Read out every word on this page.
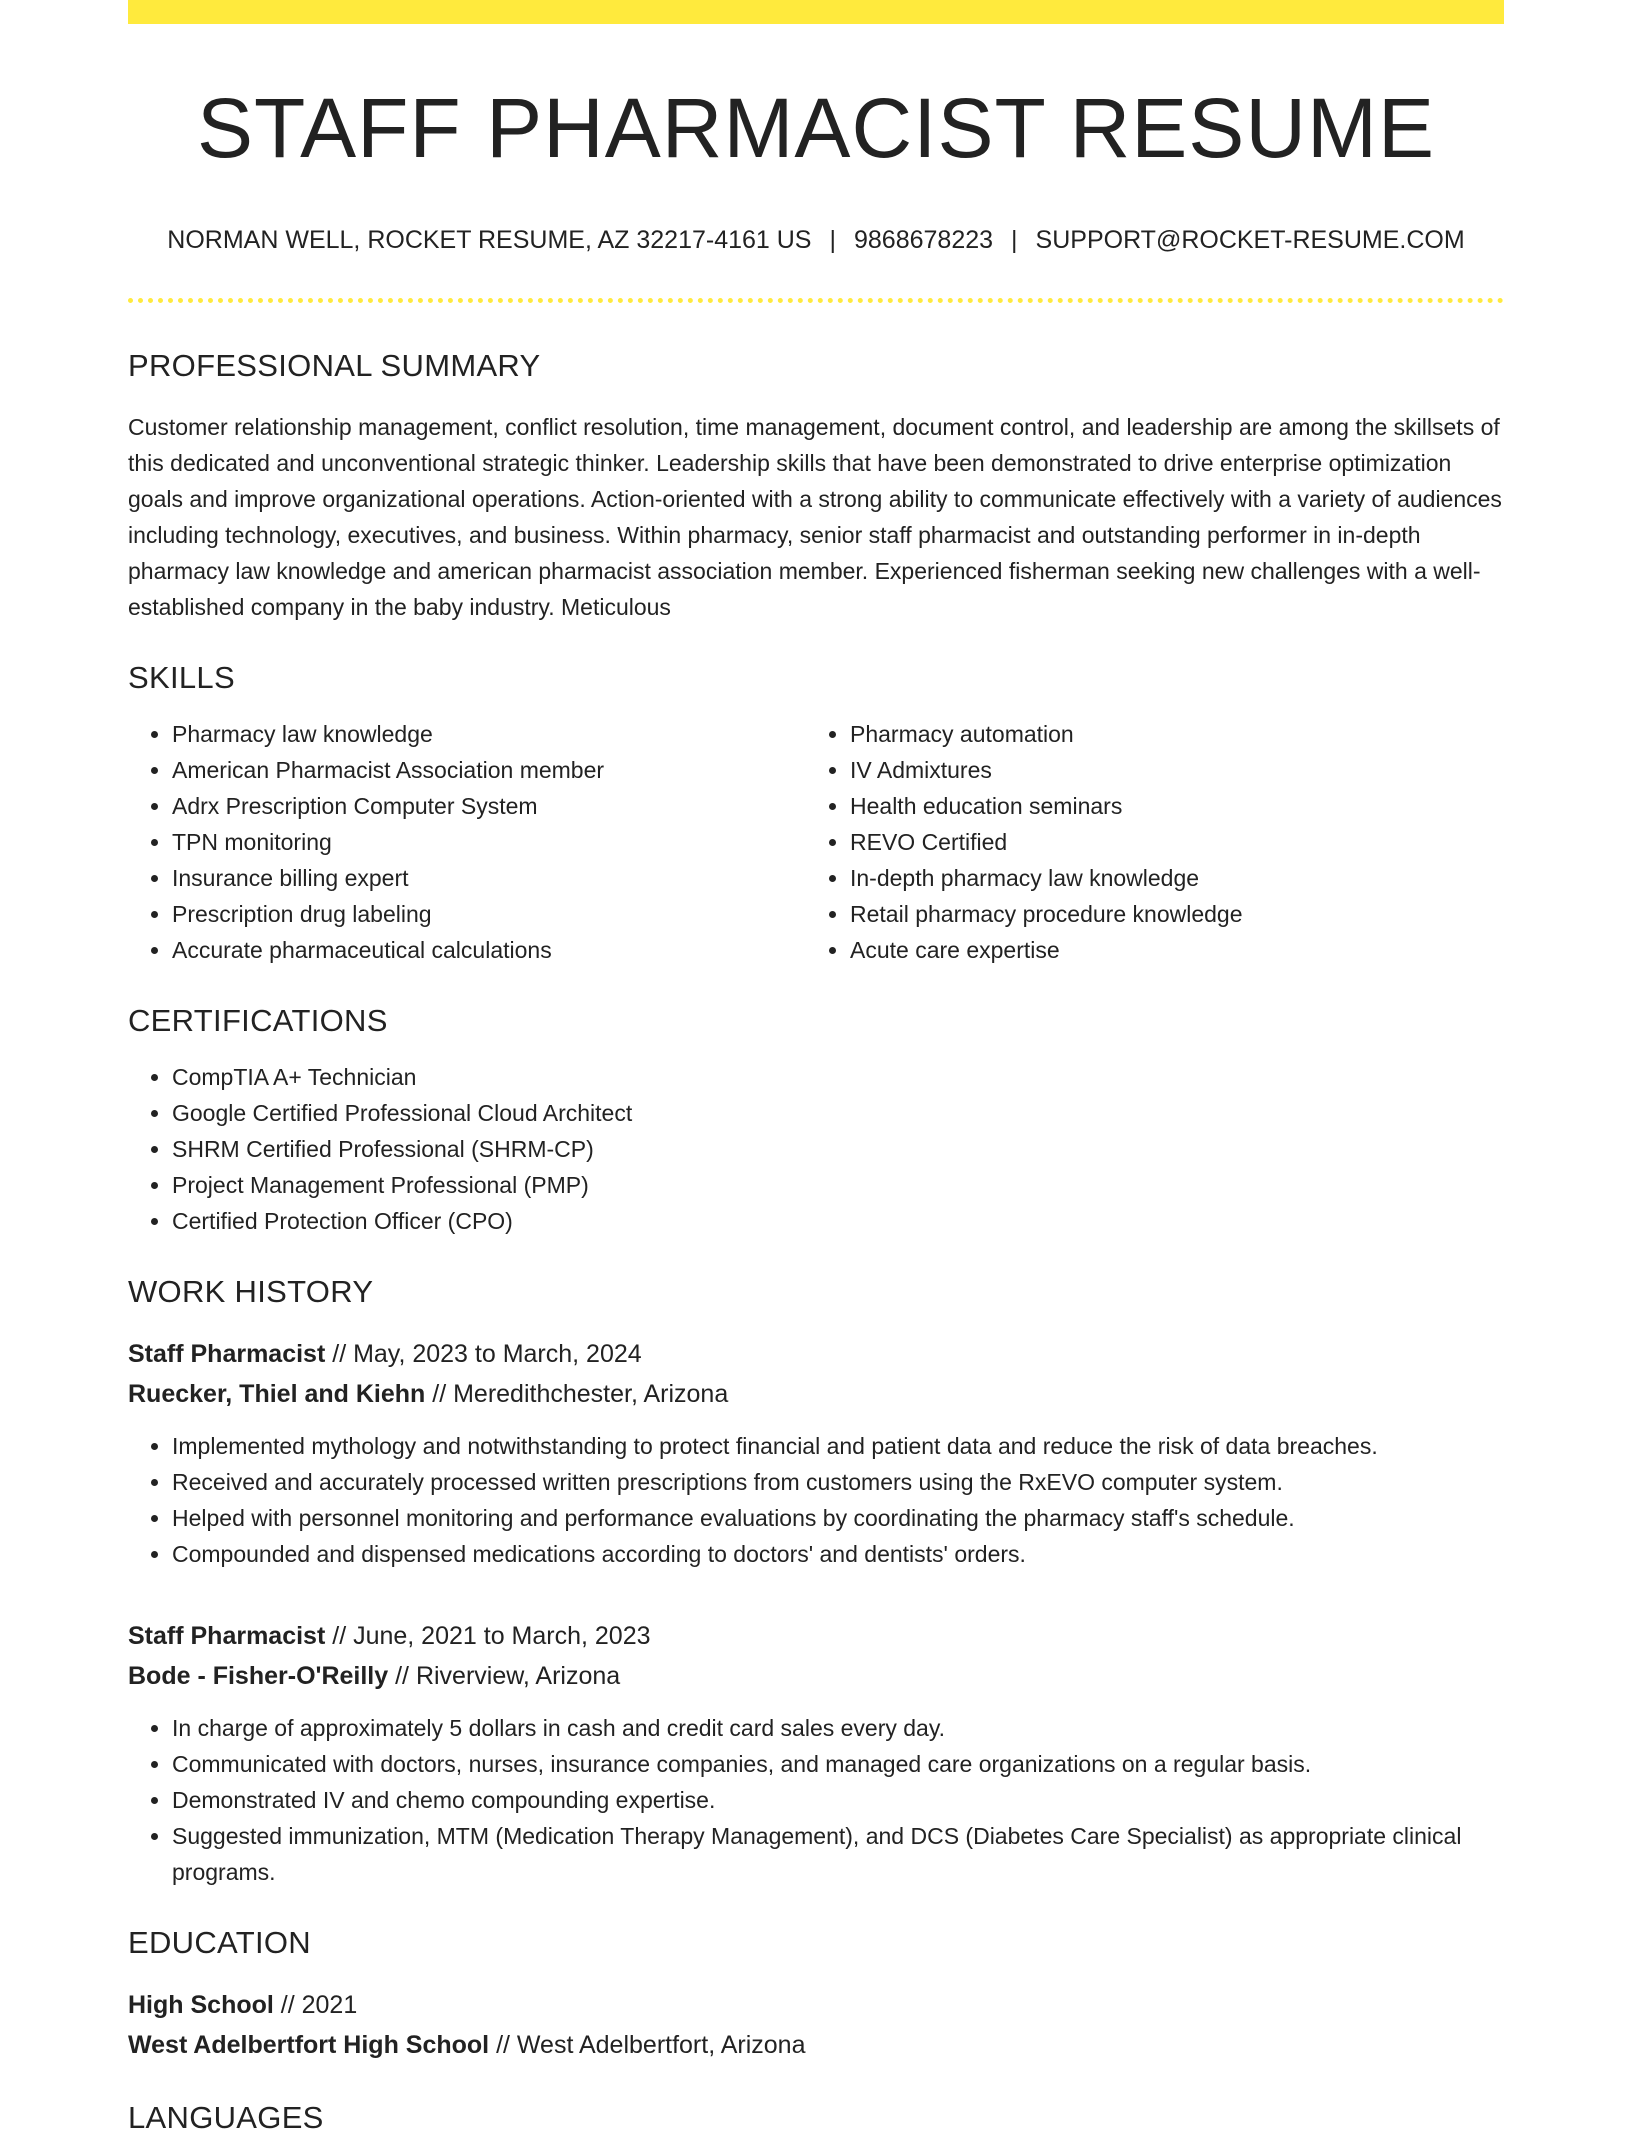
STAFF PHARMACIST RESUME
NORMAN WELL, ROCKET RESUME, AZ 32217-4161 US | 9868678223 | SUPPORT@ROCKET-RESUME.COM
PROFESSIONAL SUMMARY

Customer relationship management, conflict resolution, time management, document control, and leadership are among the skillsets of this dedicated and unconventional strategic thinker. Leadership skills that have been demonstrated to drive enterprise optimization goals and improve organizational operations. Action-oriented with a strong ability to communicate effectively with a variety of audiences including technology, executives, and business. Within pharmacy, senior staff pharmacist and outstanding performer in in-depth pharmacy law knowledge and american pharmacist association member. Experienced fisherman seeking new challenges with a well-established company in the baby industry. Meticulous

SKILLS
• Pharmacy law knowledge
• American Pharmacist Association member
• Adrx Prescription Computer System
• TPN monitoring
• Insurance billing expert
• Prescription drug labeling
• Accurate pharmaceutical calculations
• Pharmacy automation
• IV Admixtures
• Health education seminars
• REVO Certified
• In-depth pharmacy law knowledge
• Retail pharmacy procedure knowledge
• Acute care expertise
CERTIFICATIONS
• CompTIA A+ Technician
• Google Certified Professional Cloud Architect
• SHRM Certified Professional (SHRM-CP)
• Project Management Professional (PMP)
• Certified Protection Officer (CPO)
WORK HISTORY
Staff Pharmacist // May, 2023 to March, 2024
Ruecker, Thiel and Kiehn // Meredithchester, Arizona
• Implemented mythology and notwithstanding to protect financial and patient data and reduce the risk of data breaches.
• Received and accurately processed written prescriptions from customers using the RxEVO computer system.
• Helped with personnel monitoring and performance evaluations by coordinating the pharmacy staff's schedule.
• Compounded and dispensed medications according to doctors' and dentists' orders.
Staff Pharmacist // June, 2021 to March, 2023
Bode - Fisher-O'Reilly // Riverview, Arizona
• In charge of approximately 5 dollars in cash and credit card sales every day.
• Communicated with doctors, nurses, insurance companies, and managed care organizations on a regular basis.
• Demonstrated IV and chemo compounding expertise.
• Suggested immunization, MTM (Medication Therapy Management), and DCS (Diabetes Care Specialist) as appropriate clinical programs.
EDUCATION
High School // 2021
West Adelbertfort High School // West Adelbertfort, Arizona
LANGUAGES
